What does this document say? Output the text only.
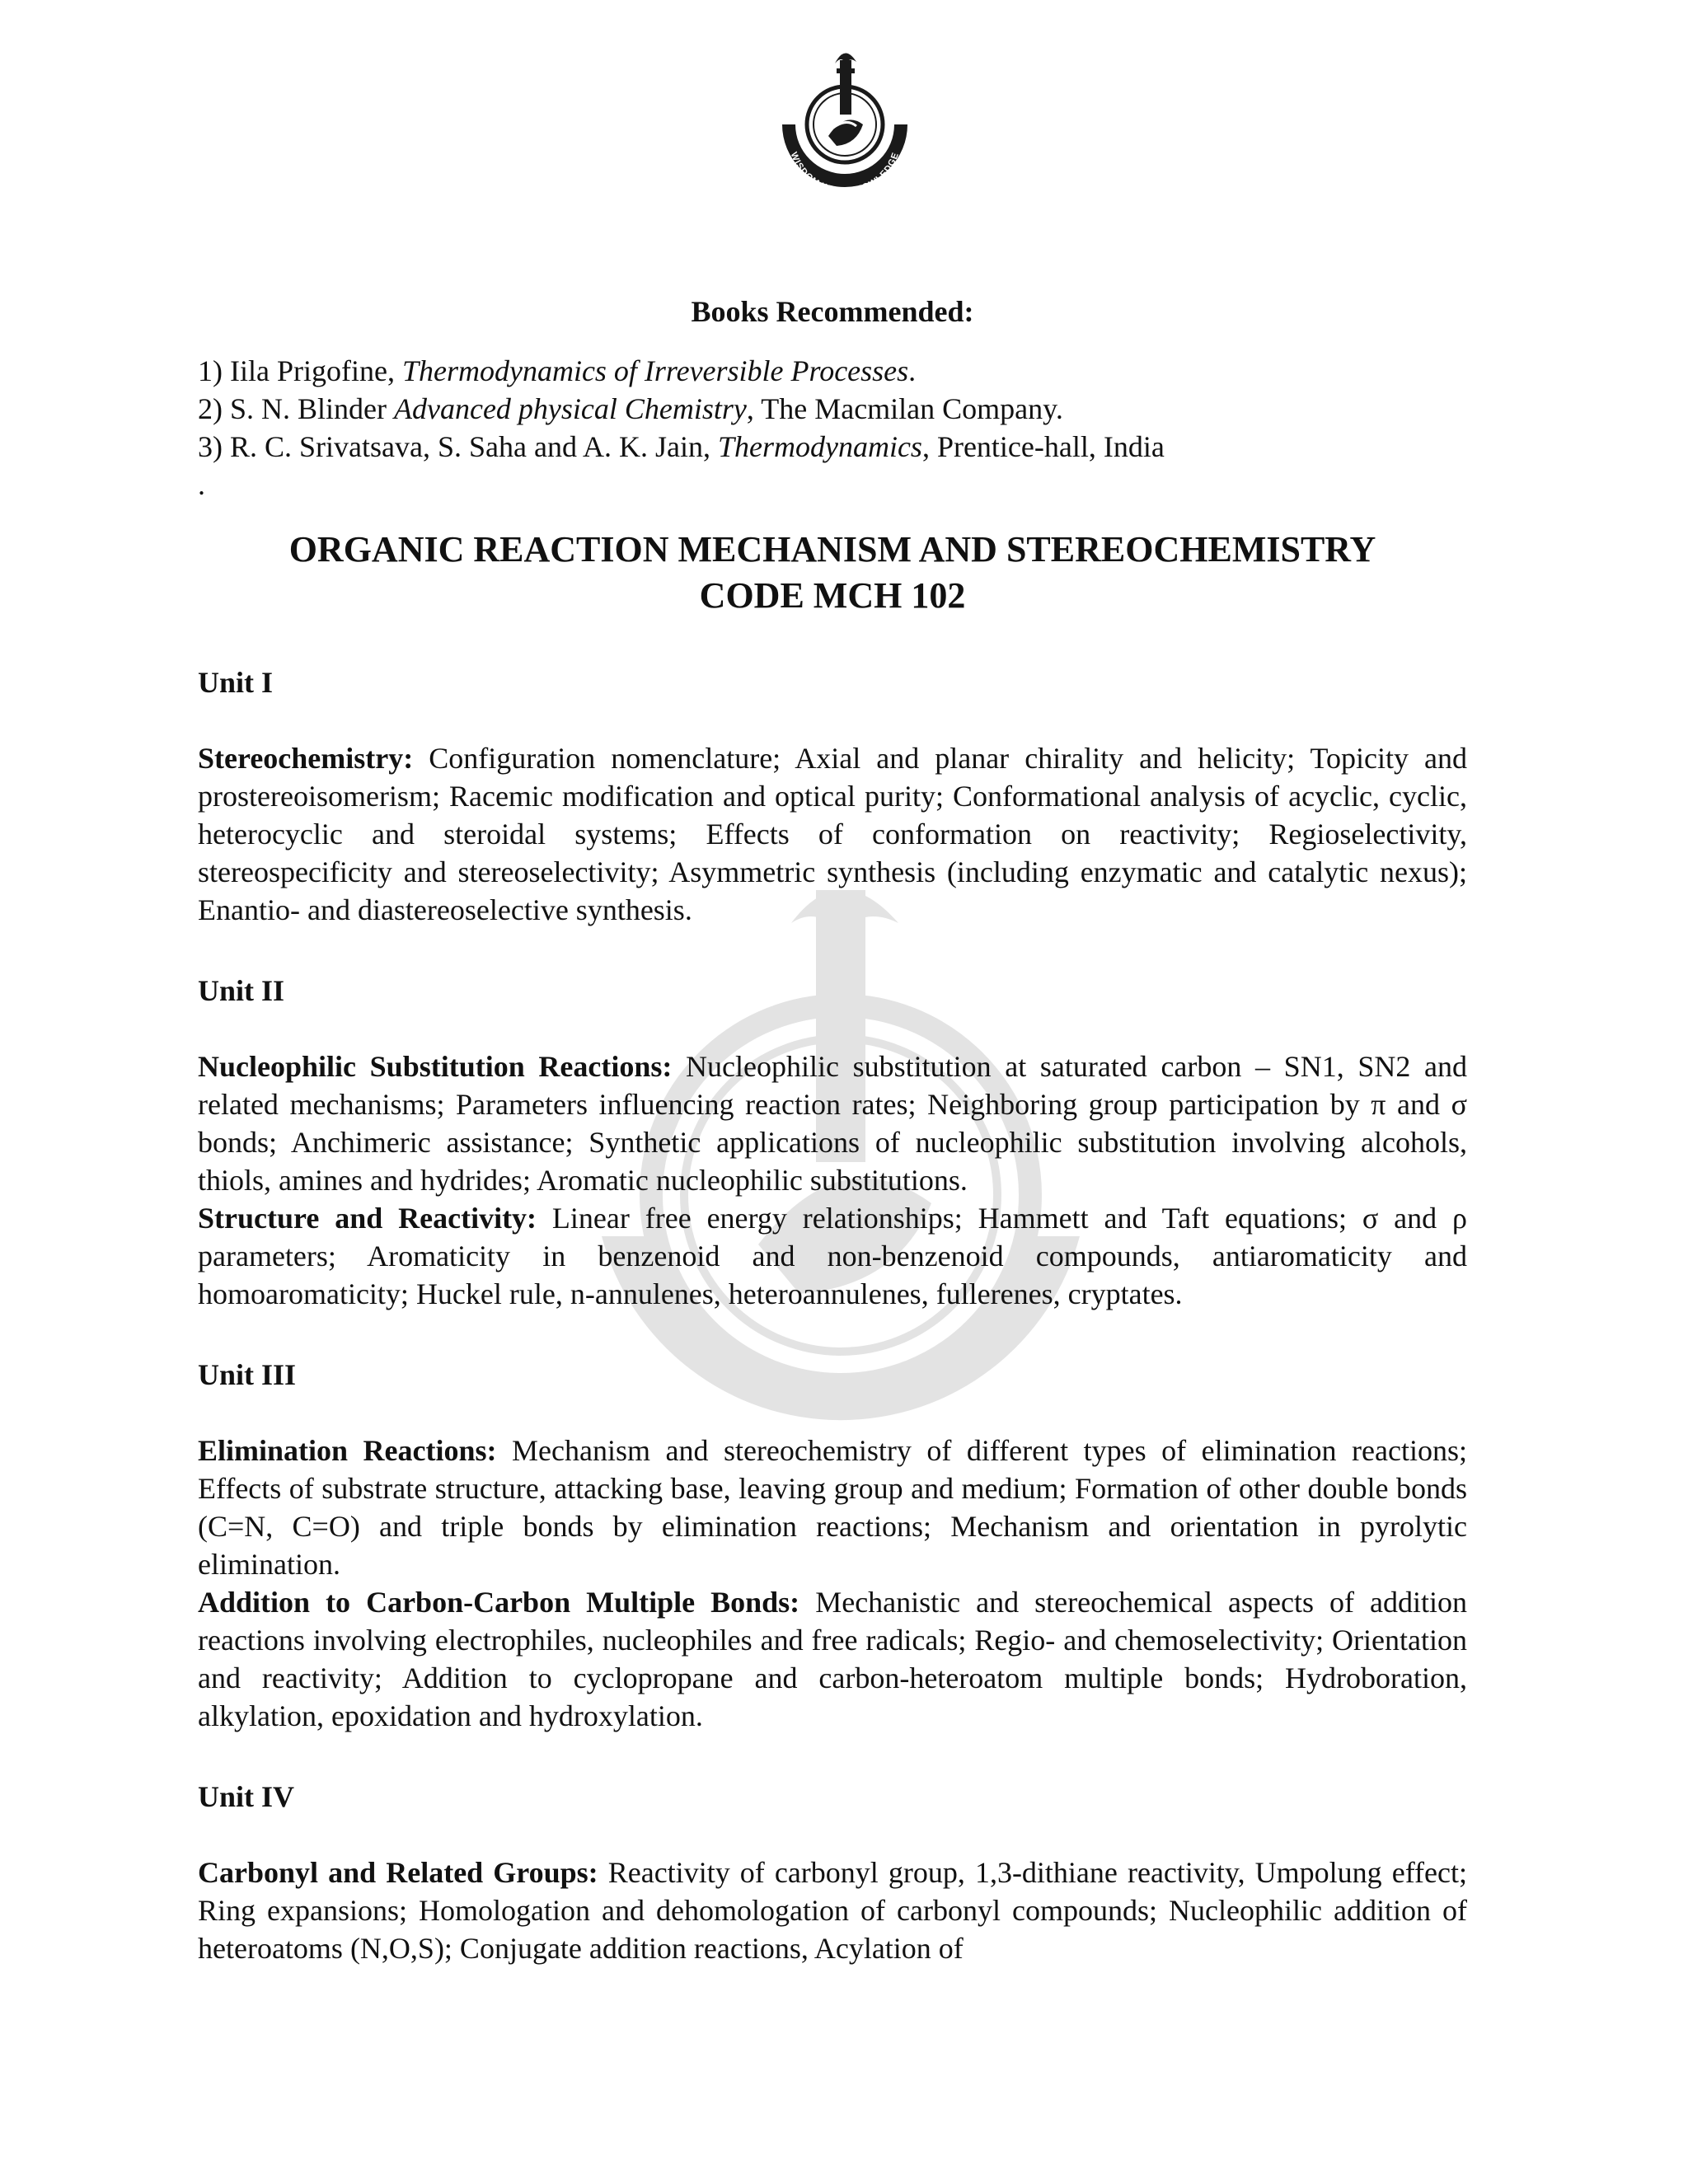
WISDOM WITH KNOWLEDGE
Books Recommended:
1) Iila Prigofine, Thermodynamics of Irreversible Processes.
2) S. N. Blinder Advanced physical Chemistry, The Macmilan Company.
3) R. C. Srivatsava, S. Saha and A. K. Jain, Thermodynamics, Prentice-hall, India
.
ORGANIC REACTION MECHANISM AND STEREOCHEMISTRY
CODE MCH 102
Unit I

Stereochemistry: Configuration nomenclature; Axial and planar chirality and helicity; Topicity and prostereoisomerism; Racemic modification and optical purity; Conformational analysis of acyclic, cyclic, heterocyclic and steroidal systems; Effects of conformation on reactivity; Regioselectivity, stereospecificity and stereoselectivity; Asymmetric synthesis (including enzymatic and catalytic nexus); Enantio- and diastereoselective synthesis.

Unit II

Nucleophilic Substitution Reactions: Nucleophilic substitution at saturated carbon – SN1, SN2 and related mechanisms; Parameters influencing reaction rates; Neighboring group participation by π and σ bonds; Anchimeric assistance; Synthetic applications of nucleophilic substitution involving alcohols, thiols, amines and hydrides; Aromatic nucleophilic substitutions.

Structure and Reactivity: Linear free energy relationships; Hammett and Taft equations; σ and ρ parameters; Aromaticity in benzenoid and non-benzenoid compounds, antiaromaticity and homoaromaticity; Huckel rule, n-annulenes, heteroannulenes, fullerenes, cryptates.

Unit III

Elimination Reactions: Mechanism and stereochemistry of different types of elimination reactions; Effects of substrate structure, attacking base, leaving group and medium; Formation of other double bonds (C=N, C=O) and triple bonds by elimination reactions; Mechanism and orientation in pyrolytic elimination.

Addition to Carbon-Carbon Multiple Bonds: Mechanistic and stereochemical aspects of addition reactions involving electrophiles, nucleophiles and free radicals; Regio- and chemoselectivity; Orientation and reactivity; Addition to cyclopropane and carbon-heteroatom multiple bonds; Hydroboration, alkylation, epoxidation and hydroxylation.

Unit IV

Carbonyl and Related Groups: Reactivity of carbonyl group, 1,3-dithiane reactivity, Umpolung effect; Ring expansions; Homologation and dehomologation of carbonyl compounds; Nucleophilic addition of heteroatoms (N,O,S); Conjugate addition reactions, Acylation of
